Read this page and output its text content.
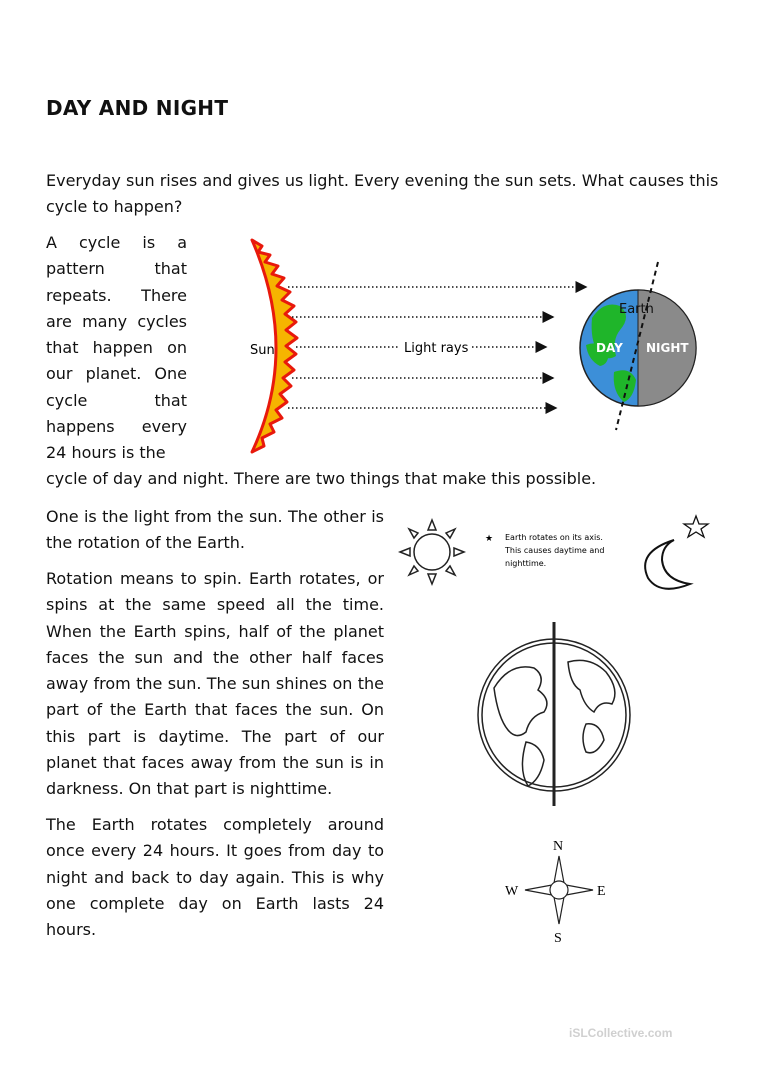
DAY AND NIGHT

Everyday sun rises and gives us light. Every evening the sun sets. What causes this cycle to happen?

A cycle is a pattern that repeats. There are many cycles that happen on our planet. One cycle that happens every 24 hours is the

cycle of day and night. There are two things that make this possible.

One is the light from the sun. The other is the rotation of the Earth.

Rotation means to spin. Earth rotates, or spins at the same speed all the time. When the Earth spins, half of the planet faces the sun and the other half faces away from the sun. The sun shines on the part of the Earth that faces the sun. On this part is daytime. The part of our planet that faces away from the sun is in darkness. On that part is nighttime.

The Earth rotates completely around once every 24 hours. It goes from day to night and back to day again. This is why one complete day on Earth lasts 24 hours.

Sun	Light rays
Earth
DAY NIGHT
★ Earth rotates on its axis.
This causes daytime and
nighttime.
N
E
S
W
iSLCollective.com
